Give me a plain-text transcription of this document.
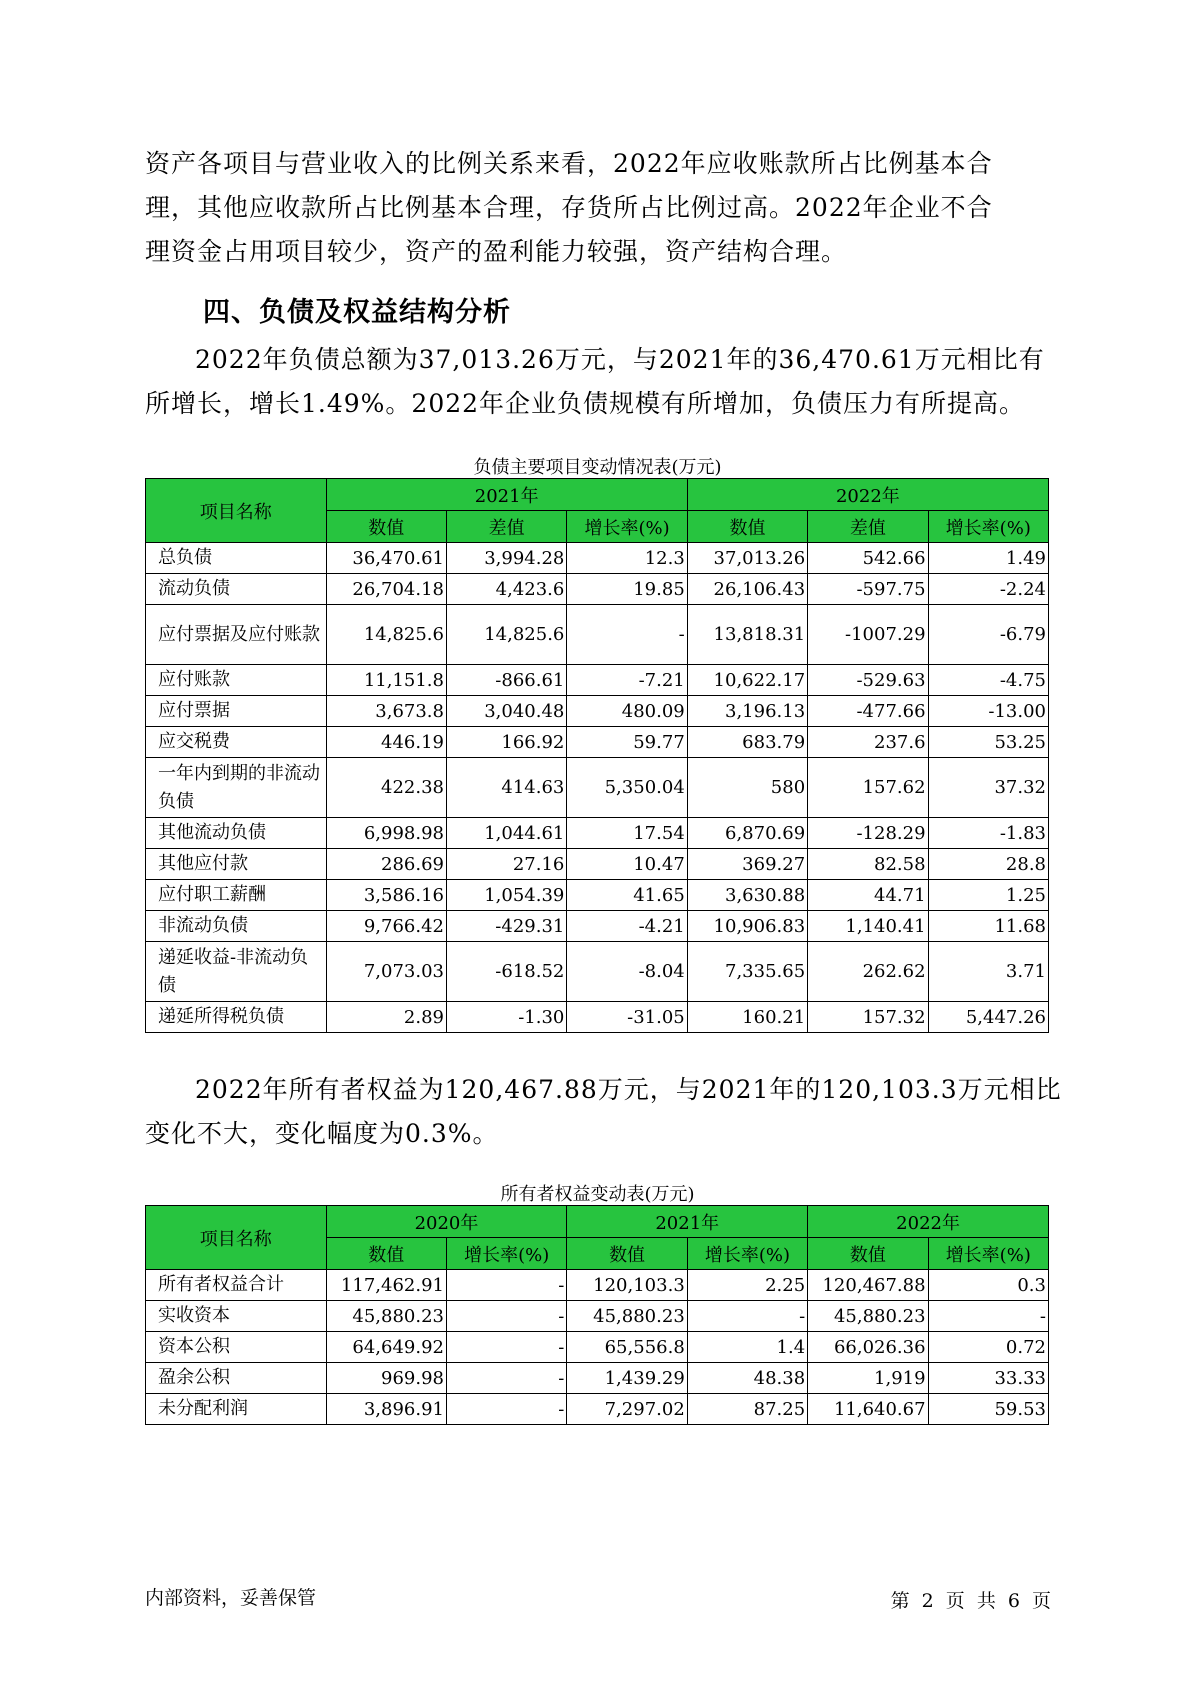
资产各项目与营业收入的比例关系来看，2022年应收账款所占比例基本合
理，其他应收款所占比例基本合理，存货所占比例过高。2022年企业不合
理资金占用项目较少，资产的盈利能力较强，资产结构合理。
四、负债及权益结构分析
2022年负债总额为37,013.26万元，与2021年的36,470.61万元相比有
所增长，增长1.49%。2022年企业负债规模有所增加，负债压力有所提高。
负债主要项目变动情况表(万元)
项目名称	2021年			2022年		
	数值	差值	增长率(%)	数值	差值	增长率(%)
总负债	36,470.61	3,994.28	12.3	37,013.26	542.66	1.49
流动负债	26,704.18	4,423.6	19.85	26,106.43	-597.75	-2.24
应付票据及应付账款	14,825.6	14,825.6	-	13,818.31	-1007.29	-6.79
应付账款	11,151.8	-866.61	-7.21	10,622.17	-529.63	-4.75
应付票据	3,673.8	3,040.48	480.09	3,196.13	-477.66	-13.00
应交税费	446.19	166.92	59.77	683.79	237.6	53.25
一年内到期的非流动负债	422.38	414.63	5,350.04	580	157.62	37.32
其他流动负债	6,998.98	1,044.61	17.54	6,870.69	-128.29	-1.83
其他应付款	286.69	27.16	10.47	369.27	82.58	28.8
应付职工薪酬	3,586.16	1,054.39	41.65	3,630.88	44.71	1.25
非流动负债	9,766.42	-429.31	-4.21	10,906.83	1,140.41	11.68
递延收益-非流动负债	7,073.03	-618.52	-8.04	7,335.65	262.62	3.71
递延所得税负债	2.89	-1.30	-31.05	160.21	157.32	5,447.26
2022年所有者权益为120,467.88万元，与2021年的120,103.3万元相比
变化不大，变化幅度为0.3%。
所有者权益变动表(万元)
项目名称	2020年		2021年		2022年	
	数值	增长率(%)	数值	增长率(%)	数值	增长率(%)
所有者权益合计	117,462.91	-	120,103.3	2.25	120,467.88	0.3
实收资本	45,880.23	-	45,880.23	-	45,880.23	-
资本公积	64,649.92	-	65,556.8	1.4	66,026.36	0.72
盈余公积	969.98	-	1,439.29	48.38	1,919	33.33
未分配利润	3,896.91	-	7,297.02	87.25	11,640.67	59.53
内部资料，妥善保管	第 2 页 共 6 页
